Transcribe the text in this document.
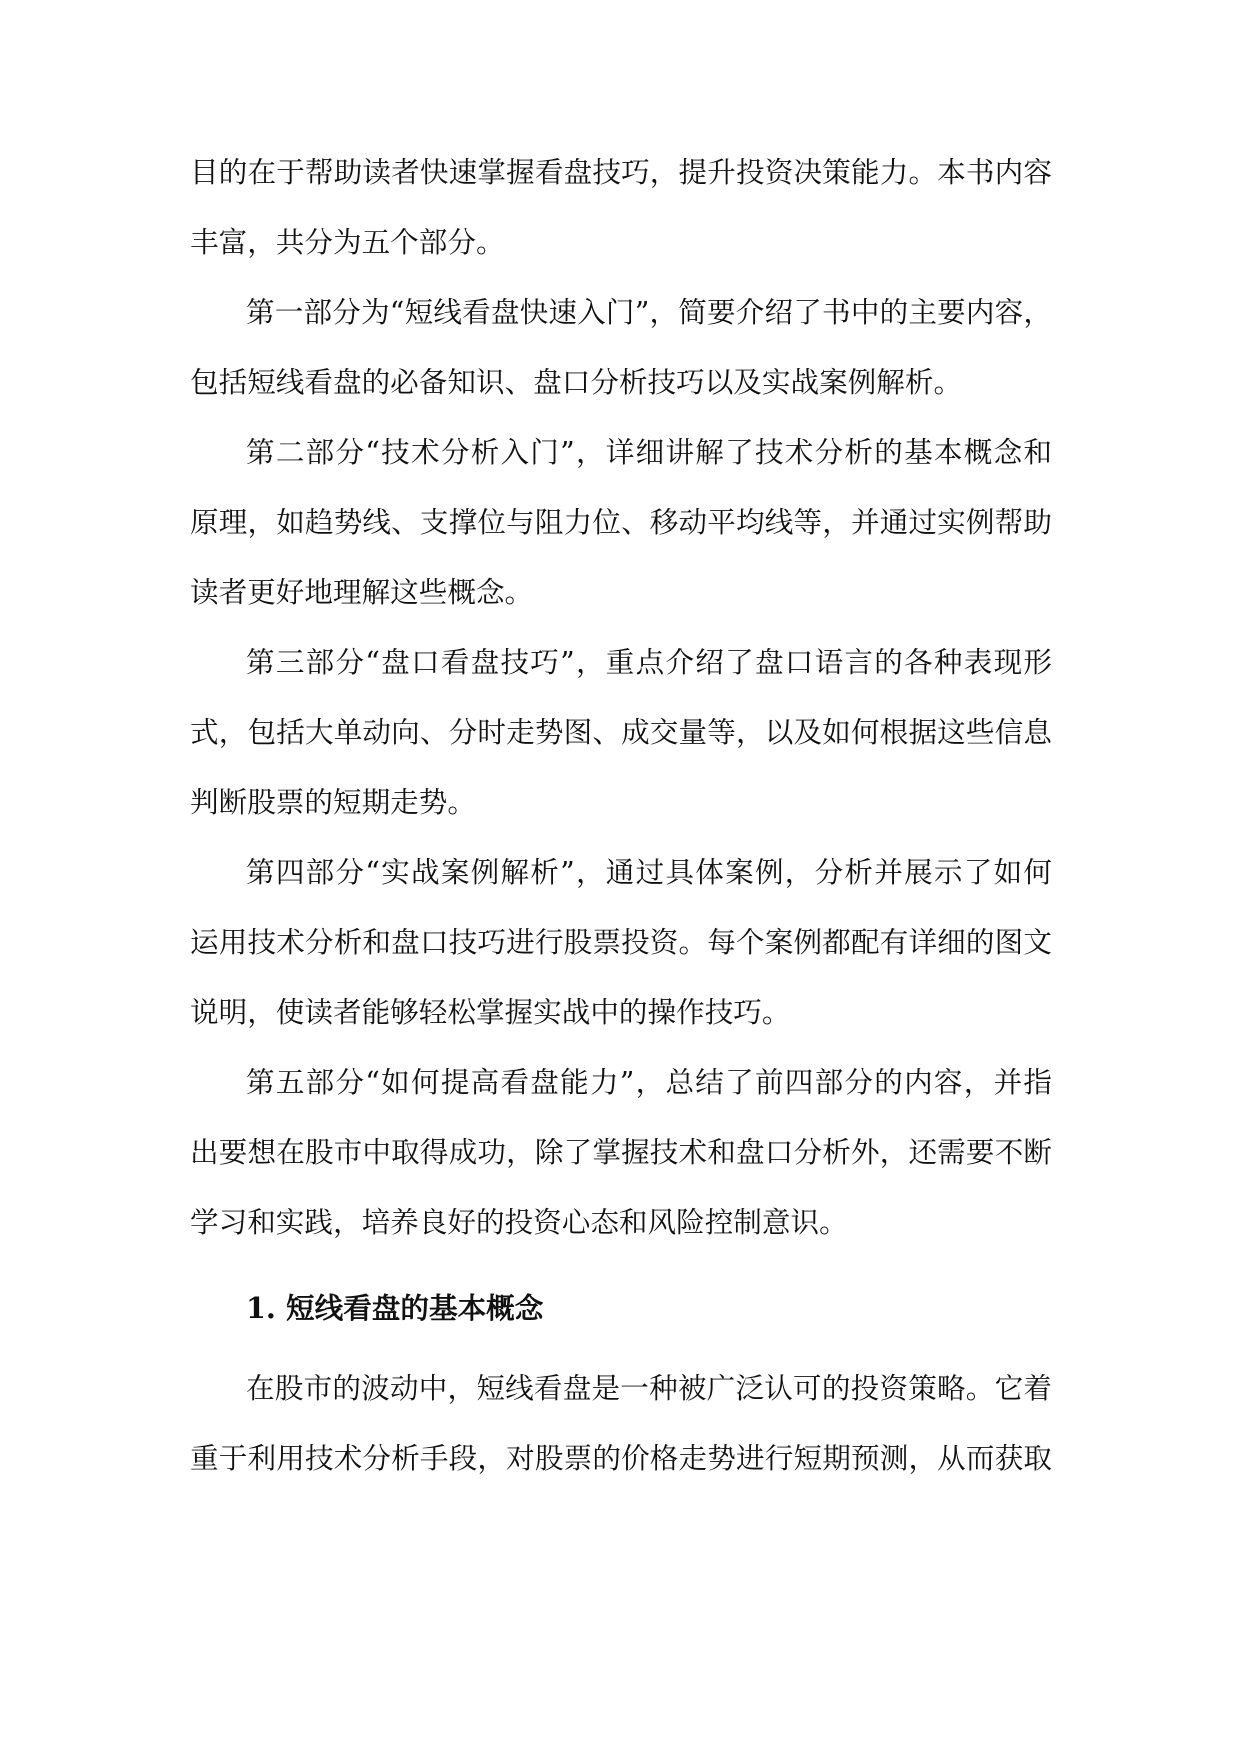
目的在于帮助读者快速掌握看盘技巧，提升投资决策能力。本书内容
丰富，共分为五个部分。
第一部分为“短线看盘快速入门”，简要介绍了书中的主要内容，
包括短线看盘的必备知识、盘口分析技巧以及实战案例解析。
第二部分“技术分析入门”，详细讲解了技术分析的基本概念和
原理，如趋势线、支撑位与阻力位、移动平均线等，并通过实例帮助
读者更好地理解这些概念。
第三部分“盘口看盘技巧”，重点介绍了盘口语言的各种表现形
式，包括大单动向、分时走势图、成交量等，以及如何根据这些信息
判断股票的短期走势。
第四部分“实战案例解析”，通过具体案例，分析并展示了如何
运用技术分析和盘口技巧进行股票投资。每个案例都配有详细的图文
说明，使读者能够轻松掌握实战中的操作技巧。
第五部分“如何提高看盘能力”，总结了前四部分的内容，并指
出要想在股市中取得成功，除了掌握技术和盘口分析外，还需要不断
学习和实践，培养良好的投资心态和风险控制意识。
1. 短线看盘的基本概念
在股市的波动中，短线看盘是一种被广泛认可的投资策略。它着
重于利用技术分析手段，对股票的价格走势进行短期预测，从而获取
